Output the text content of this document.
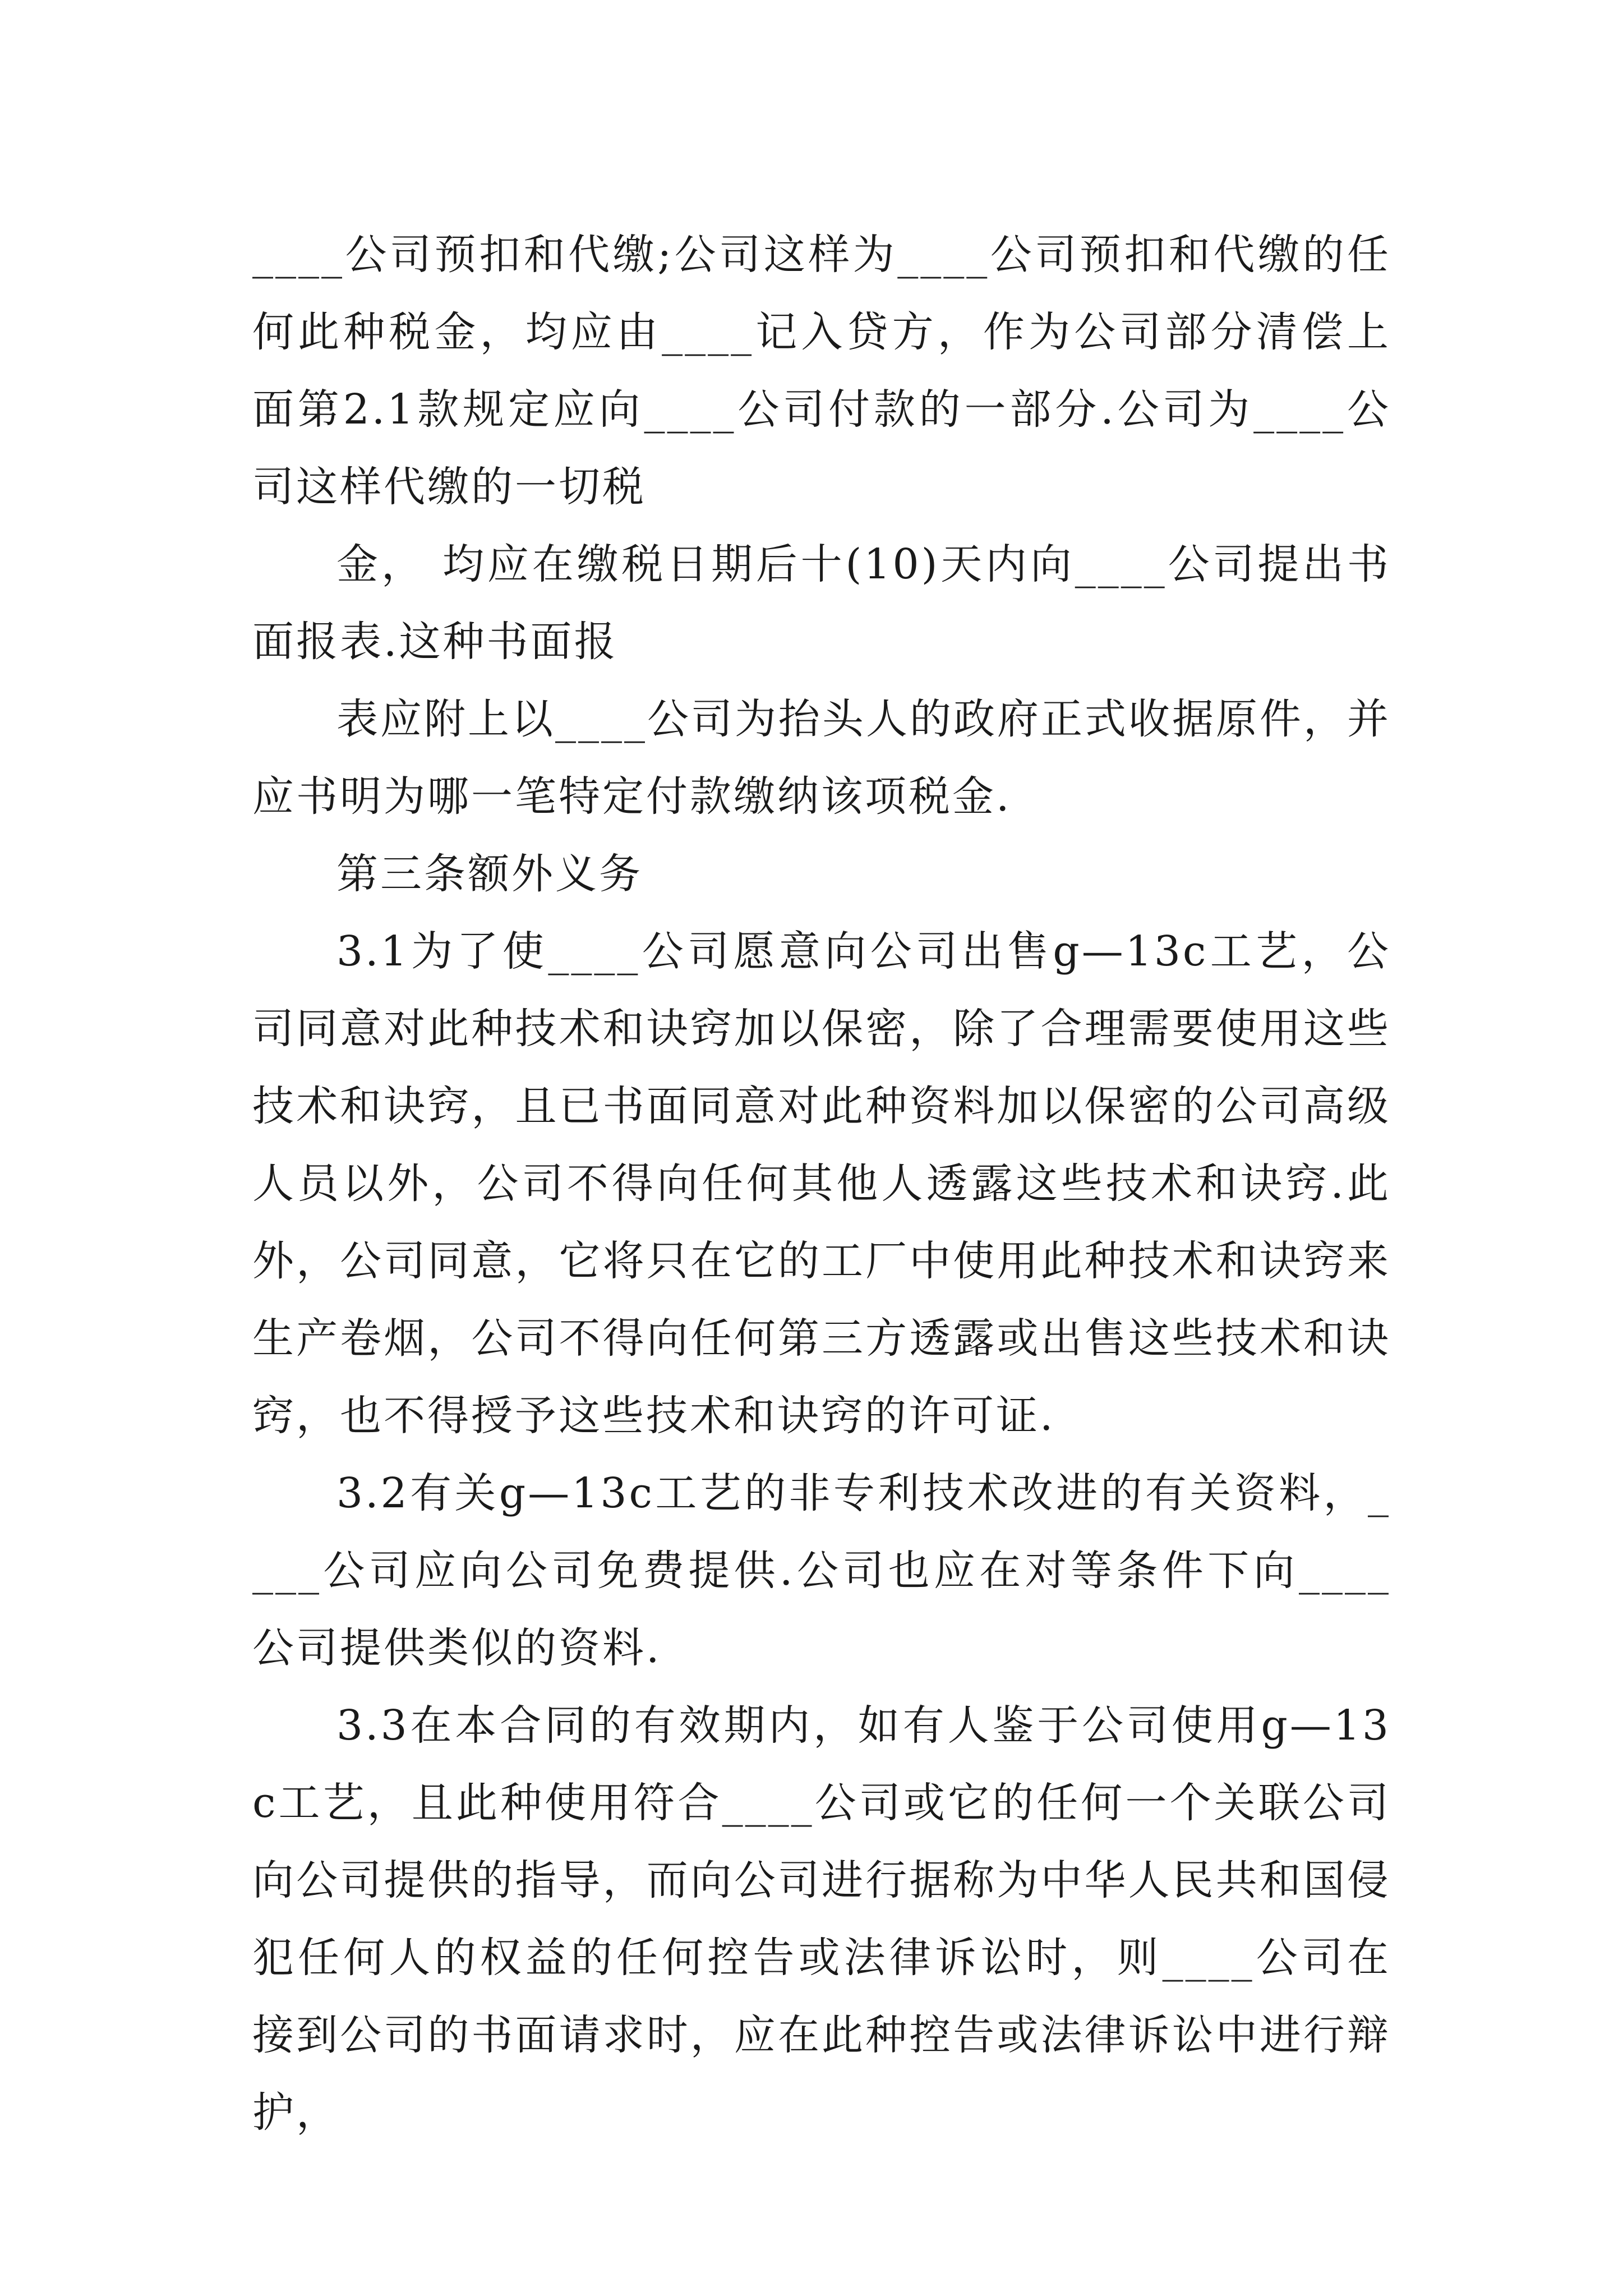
____公司预扣和代缴;公司这样为____公司预扣和代缴的任何此种税金，均应由____记入贷方，作为公司部分清偿上面第2.1款规定应向____公司付款的一部分.公司为____公司这样代缴的一切税

金， 均应在缴税日期后十(10)天内向____公司提出书面报表.这种书面报

表应附上以____公司为抬头人的政府正式收据原件，并应书明为哪一笔特定付款缴纳该项税金.

第三条额外义务

3.1为了使____公司愿意向公司出售g—13c工艺，公司同意对此种技术和诀窍加以保密，除了合理需要使用这些技术和诀窍，且已书面同意对此种资料加以保密的公司高级人员以外，公司不得向任何其他人透露这些技术和诀窍.此外，公司同意，它将只在它的工厂中使用此种技术和诀窍来生产卷烟，公司不得向任何第三方透露或出售这些技术和诀窍，也不得授予这些技术和诀窍的许可证.

3.2有关g—13c工艺的非专利技术改进的有关资料，____公司应向公司免费提供.公司也应在对等条件下向____公司提供类似的资料.

3.3在本合同的有效期内，如有人鉴于公司使用g—13c工艺，且此种使用符合____公司或它的任何一个关联公司向公司提供的指导，而向公司进行据称为中华人民共和国侵犯任何人的权益的任何控告或法律诉讼时，则____公司在接到公司的书面请求时，应在此种控告或法律诉讼中进行辩护，
